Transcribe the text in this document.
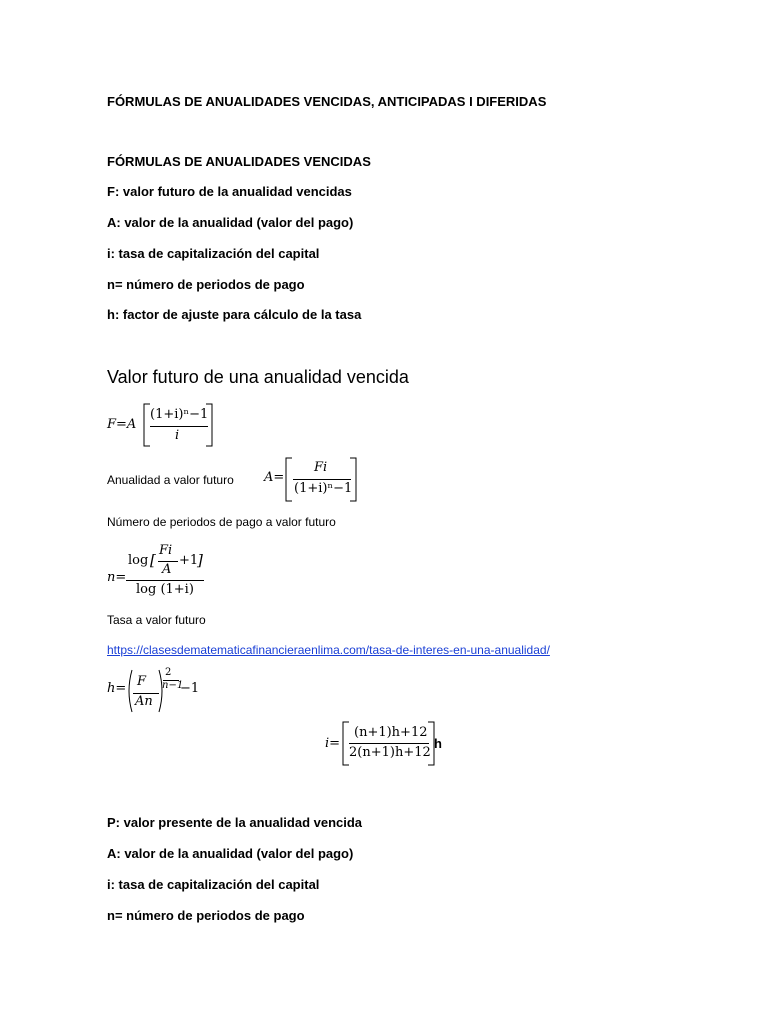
FÓRMULAS DE ANUALIDADES VENCIDAS, ANTICIPADAS I DIFERIDAS
FÓRMULAS DE ANUALIDADES VENCIDAS
F: valor futuro de la anualidad vencidas
A: valor de la anualidad (valor del pago)
i: tasa de capitalización del capital
n= número de periodos de pago
h: factor de ajuste para cálculo de la tasa
Valor futuro de una anualidad vencida
F=A
(1+i)ⁿ−1
i
Anualidad a valor futuro A=
Fi
(1+i)ⁿ−1
Número de periodos de pago a valor futuro
n=
log [
Fi
A
+1
]
log (1+i)
Tasa a valor futuro
https://clasesdematematicafinancieraenlima.com/tasa-de-interes-en-una-anualidad/
h= F
An
2
n−1
−1
i=
(n+1)h+12
2(n+1)h+12
h
P: valor presente de la anualidad vencida
A: valor de la anualidad (valor del pago)
i: tasa de capitalización del capital
n= número de periodos de pago
